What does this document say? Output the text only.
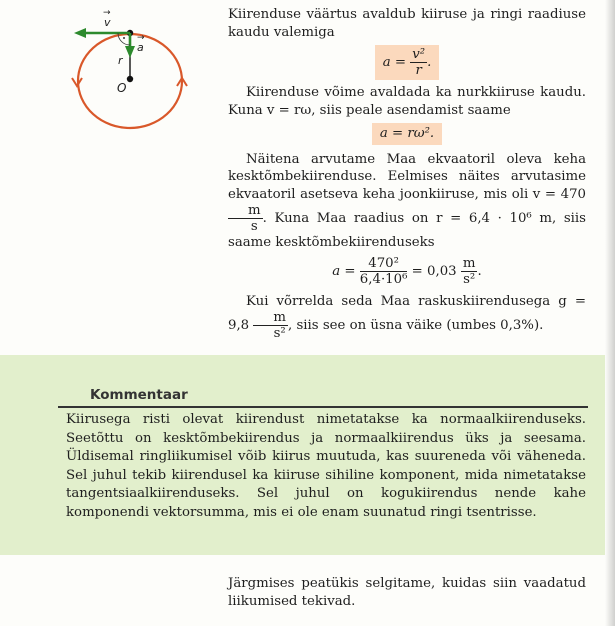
v
→
a
→
r
O

Kiirenduse väärtus avaldub kiiruse ja ringi raadiuse kaudu valemiga

$a = \frac{\text{v²}}{r}$ .

Kiirenduse võime avaldada ka nurkkiiruse kaudu. Kuna v = rω, siis peale asendamist saame

a = rω².

Näitena arvutame Maa ekvaatoril oleva keha kesktõmbekiirenduse. Eelmises näites arvutasime ekvaatoril asetseva keha joonkiiruse, mis oli v = 470
$\frac{m}{s}$ . Kuna Maa raadius on r = 6,4 · 10⁶ m, siis saame kesktõmbekiirenduseks

$a = \frac{\text{470²}}{\text{6,4·10⁶}} = 0,03 \frac{m}{\text{s²}}$ .

Kui võrrelda seda Maa raskuskiirendusega $g = 9,8 \frac{m}{\text{s²}}$ , siis see on üsna väike (umbes 0,3%).

Kommentaar
Kiirusega risti olevat kiirendust nimetatakse ka normaalkiirenduseks. Seetõttu on kesktõmbekiirendus ja normaalkiirendus üks ja seesama. Üldisemal ringliikumisel võib kiirus muutuda, kas suureneda või väheneda. Sel juhul tekib kiirendusel ka kiiruse sihiline komponent, mida nimetatakse tangentsiaalkiirenduseks. Sel juhul on kogukiirendus nende kahe komponendi vektorsumma, mis ei ole enam suunatud ringi tsentrisse.
Järgmises peatükis selgitame, kuidas siin vaadatud liikumised tekivad.
